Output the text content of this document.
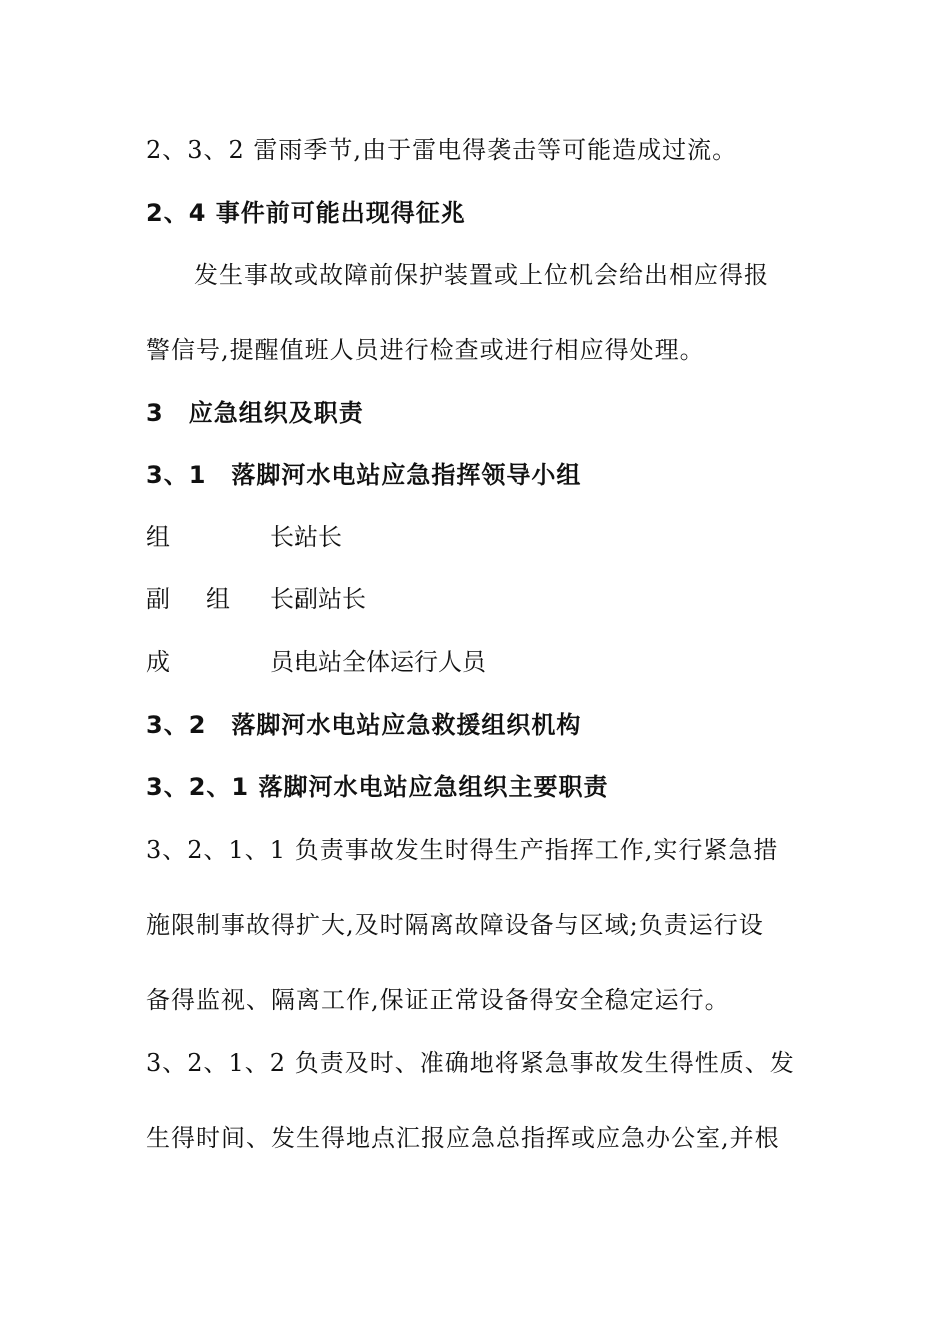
2、3、2 雷雨季节,由于雷电得袭击等可能造成过流。
2、4 事件前可能出现得征兆
发生事故或故障前保护装置或上位机会给出相应得报
警信号,提醒值班人员进行检查或进行相应得处理。
3　应急组织及职责
3、1　落脚河水电站应急指挥领导小组
组	长:
站长
副 组 长:
副站长
成	员:
电站全体运行人员
3、2　落脚河水电站应急救援组织机构
3、2、1 落脚河水电站应急组织主要职责
3、2、1、1 负责事故发生时得生产指挥工作,实行紧急措
施限制事故得扩大,及时隔离故障设备与区域;负责运行设
备得监视、隔离工作,保证正常设备得安全稳定运行。
3、2、1、2 负责及时、准确地将紧急事故发生得性质、发
生得时间、发生得地点汇报应急总指挥或应急办公室,并根
